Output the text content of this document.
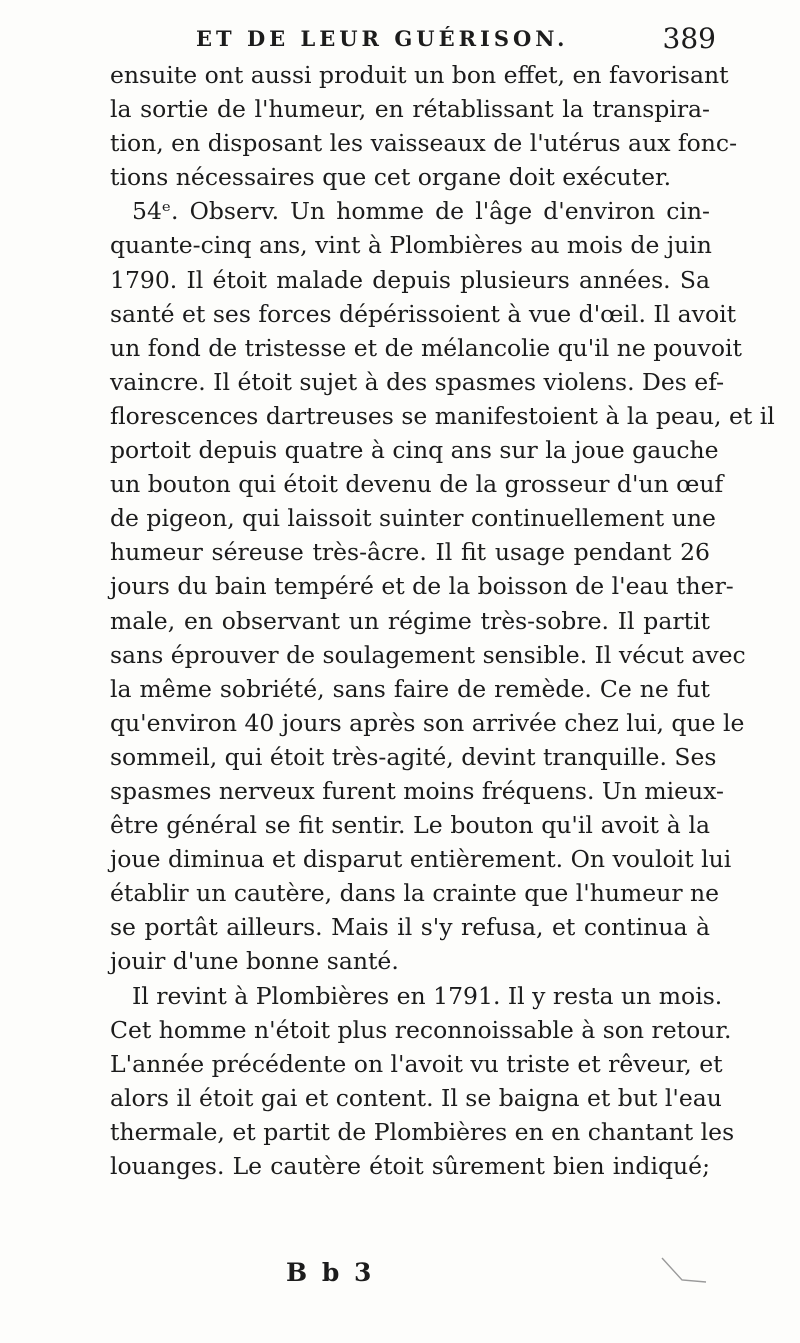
ET DE LEUR GUÉRISON.	389
ensuite ont aussi produit un bon effet, en favorisant
la sortie de l'humeur, en rétablissant la transpira-
tion, en disposant les vaisseaux de l'utérus aux fonc-
tions nécessaires que cet organe doit exécuter.
54ᵉ. Observ. Un homme de l'âge d'environ cin-
quante-cinq ans, vint à Plombières au mois de juin
1790. Il étoit malade depuis plusieurs années. Sa
santé et ses forces dépérissoient à vue d'œil. Il avoit
un fond de tristesse et de mélancolie qu'il ne pouvoit
vaincre. Il étoit sujet à des spasmes violens. Des ef-
florescences dartreuses se manifestoient à la peau, et il
portoit depuis quatre à cinq ans sur la joue gauche
un bouton qui étoit devenu de la grosseur d'un œuf
de pigeon, qui laissoit suinter continuellement une
humeur séreuse très-âcre. Il fit usage pendant 26
jours du bain tempéré et de la boisson de l'eau ther-
male, en observant un régime très-sobre. Il partit
sans éprouver de soulagement sensible. Il vécut avec
la même sobriété, sans faire de remède. Ce ne fut
qu'environ 40 jours après son arrivée chez lui, que le
sommeil, qui étoit très-agité, devint tranquille. Ses
spasmes nerveux furent moins fréquens. Un mieux-
être général se fit sentir. Le bouton qu'il avoit à la
joue diminua et disparut entièrement. On vouloit lui
établir un cautère, dans la crainte que l'humeur ne
se portât ailleurs. Mais il s'y refusa, et continua à
jouir d'une bonne santé.
Il revint à Plombières en 1791. Il y resta un mois.
Cet homme n'étoit plus reconnoissable à son retour.
L'année précédente on l'avoit vu triste et rêveur, et
alors il étoit gai et content. Il se baigna et but l'eau
thermale, et partit de Plombières en en chantant les
louanges. Le cautère étoit sûrement bien indiqué;
B b 3
